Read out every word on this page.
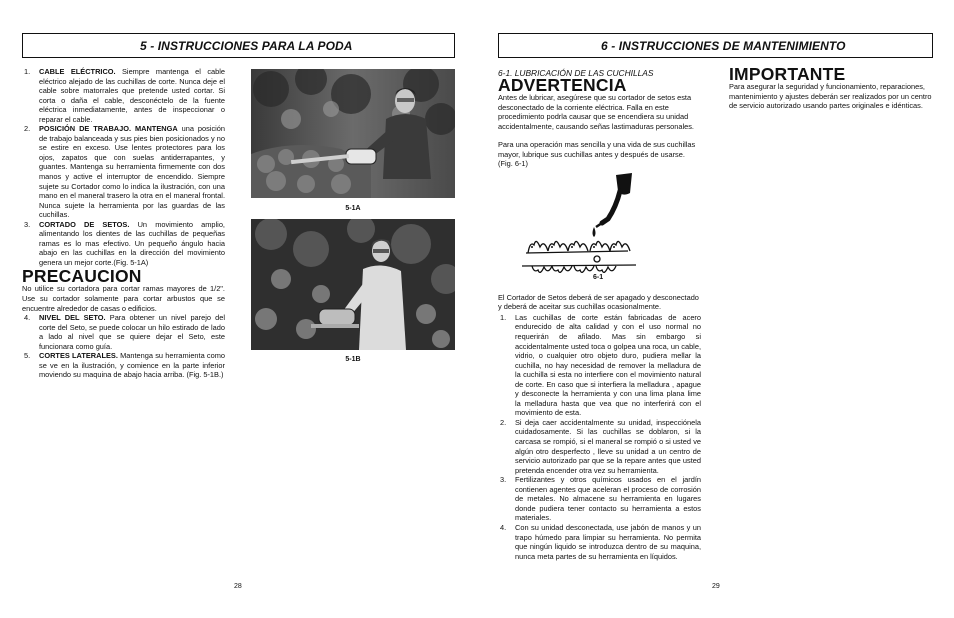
5 - INSTRUCCIONES PARA LA PODA
1.	CABLE ELÉCTRICO. Siempre mantenga el cable eléctrico alejado de las cuchillas de corte. Nunca deje el cable sobre matorrales que pretende usted cortar. Si corta o daña el cable, desconéctelo de la fuente eléctrica inmediatamente, antes de inspeccionar o reparar el cable.
2.	POSICIÓN DE TRABAJO. MANTENGA una posición de trabajo balanceada y sus pies bien posicionados y no se estire en exceso. Use lentes protectores para los ojos, zapatos que con suelas antiderrapantes, y guantes. Mantenga su herramienta firmemente con dos manos y active el interruptor de encendido. Siempre sujete su Cortador como lo indica la ilustración, con una mano en el maneral trasero la otra en el maneral frontal. Nunca sujete la herramienta por las guardas de las cuchillas.
3.	CORTADO DE SETOS. Un movimiento amplio, alimentando los dientes de las cuchillas de pequeñas ramas es lo mas efectivo. Un pequeño ángulo hacia abajo en las cuchillas en la dirección del movimiento genera un mejor corte.(Fig. 5-1A)
PRECAUCION

No utilice su cortadora para cortar ramas mayores de 1/2". Use su cortador solamente para cortar arbustos que se encuentre alrededor de casas o edificios.

4.	NIVEL DEL SETO. Para obtener un nivel parejo del corte del Seto, se puede colocar un hilo estirado de lado a lado al nivel que se quiere dejar el Seto, este funcionara como guía.
5.	CORTES LATERALES. Mantenga su herramienta como se ve en la ilustración, y comience en la parte inferior moviendo su maquina de abajo hacia arriba. (Fig. 5-1B.)
5-1A
5-1B
28
6 - INSTRUCCIONES DE MANTENIMIENTO
6-1. LUBRICACIÓN DE LAS CUCHILLAS
ADVERTENCIA

Antes de lubricar, asegúrese que su cortador de setos esta desconectado de la corriente eléctrica. Falla en este procedimiento podrla causar que se encendiera su unidad accidentalmente, causando señas lastimaduras personales.

Para una operación mas sencilla y una vida de sus cuchillas mayor, lubrique sus cuchillas antes y después de usarse. (Fig. 6-1)

6-1

El Cortador de Setos deberá de ser apagado y desconectado y deberá de aceitar sus cuchillas ocasionalmente.

1.	Las cuchillas de corte están fabricadas de acero endurecido de alta calidad y con el uso normal no requerirán de afilado. Mas sin embargo si accidentalmente usted toca o golpea una roca, un cable, vidrio, o cualquier otro objeto duro, pudiera mellar la cuchilla, no hay necesidad de remover la melladura de la cuchilla si esta no interfiere con el movimiento natural de corte. En caso que si interfiera la melladura , apague y desconecte la herramienta y con una lima plana lime la melladura hasta que vea que no interferirá con el movimiento de esta.
2.	Si deja caer accidentalmente su unidad, inspecciónela cuidadosamente. Si las cuchillas se doblaron, si la carcasa se rompió, si el maneral se rompió o si usted ve algún otro desperfecto , lleve su unidad a un centro de servicio autorizado par que se la repare antes que usted pretenda encender otra vez su herramienta.
3.	Fertilizantes y otros químicos usados en el jardín contienen agentes que aceleran el proceso de corrosión de metales. No almacene su herramienta en lugares donde pudiera tener contacto su herramienta a estos materiales.
4.	Con su unidad desconectada, use jabón de manos y un trapo húmedo para limpiar su herramienta. No permita que ningún liquido se introduzca dentro de su maquina, nunca meta partes de su herramienta en líquidos.
IMPORTANTE

Para asegurar la seguridad y funcionamiento, reparaciones, mantenimiento y ajustes deberán ser realizados por un centro de servicio autorizado usando partes originales e idénticas.

29
